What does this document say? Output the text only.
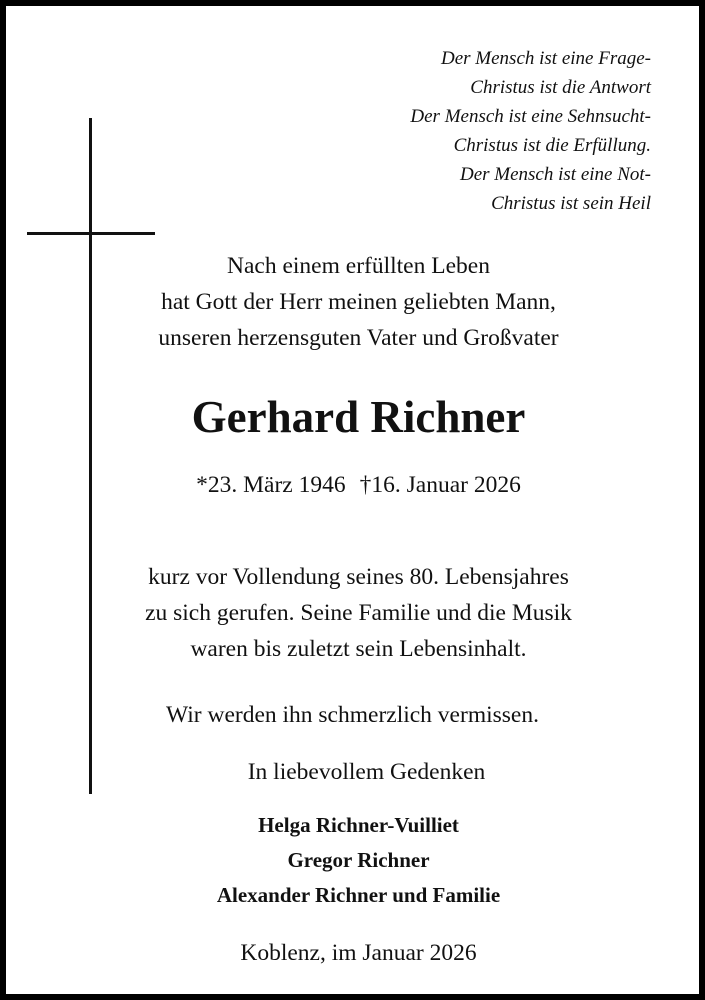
Der Mensch ist eine Frage-
Christus ist die Antwort
Der Mensch ist eine Sehnsucht-
Christus ist die Erfüllung.
Der Mensch ist eine Not-
Christus ist sein Heil
Nach einem erfüllten Leben
hat Gott der Herr meinen geliebten Mann,
unseren herzensguten Vater und Großvater
Gerhard Richner
*23. März 1946 †16. Januar 2026
kurz vor Vollendung seines 80. Lebensjahres
zu sich gerufen. Seine Familie und die Musik
waren bis zuletzt sein Lebensinhalt.
Wir werden ihn schmerzlich vermissen.
In liebevollem Gedenken
Helga Richner-Vuilliet
Gregor Richner
Alexander Richner und Familie
Koblenz, im Januar 2026
